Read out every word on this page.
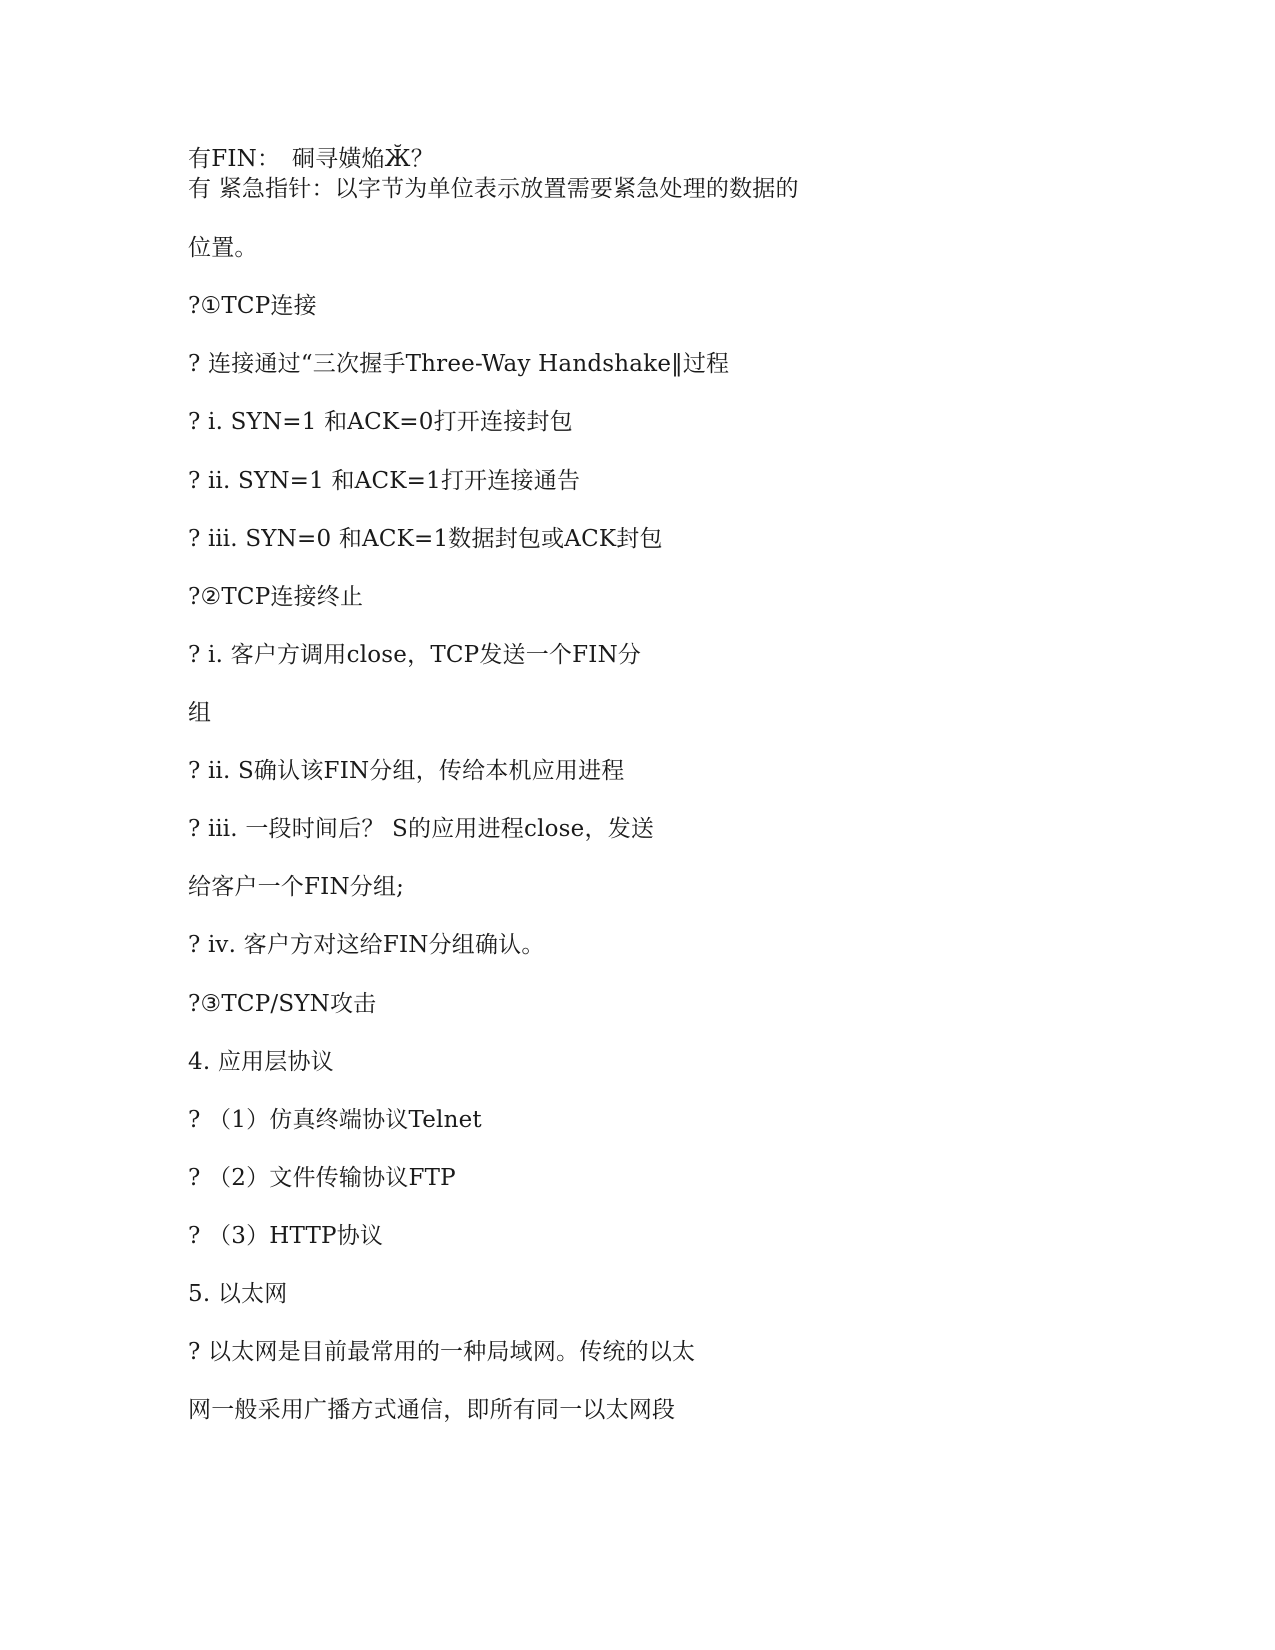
有FIN：　硐寻嫹焔Ӂ？

有 紧急指针：以字节为单位表示放置需要紧急处理的数据的

位置。

?①TCP连接

? 连接通过“三次握手Three-Way Handshake‖过程

? ⅰ. SYN=1 和ACK=0打开连接封包

? ⅱ. SYN=1 和ACK=1打开连接通告

? ⅲ. SYN=0 和ACK=1数据封包或ACK封包

?②TCP连接终止

? ⅰ. 客户方调用close，TCP发送一个FIN分

组

? ⅱ. S确认该FIN分组，传给本机应用进程

? ⅲ. 一段时间后？ S的应用进程close，发送

给客户一个FIN分组;

? ⅳ. 客户方对这给FIN分组确认。

?③TCP/SYN攻击

4. 应用层协议

? （1）仿真终端协议Telnet

? （2）文件传输协议FTP

? （3）HTTP协议

5. 以太网

? 以太网是目前最常用的一种局域网。传统的以太

网一般采用广播方式通信，即所有同一以太网段
